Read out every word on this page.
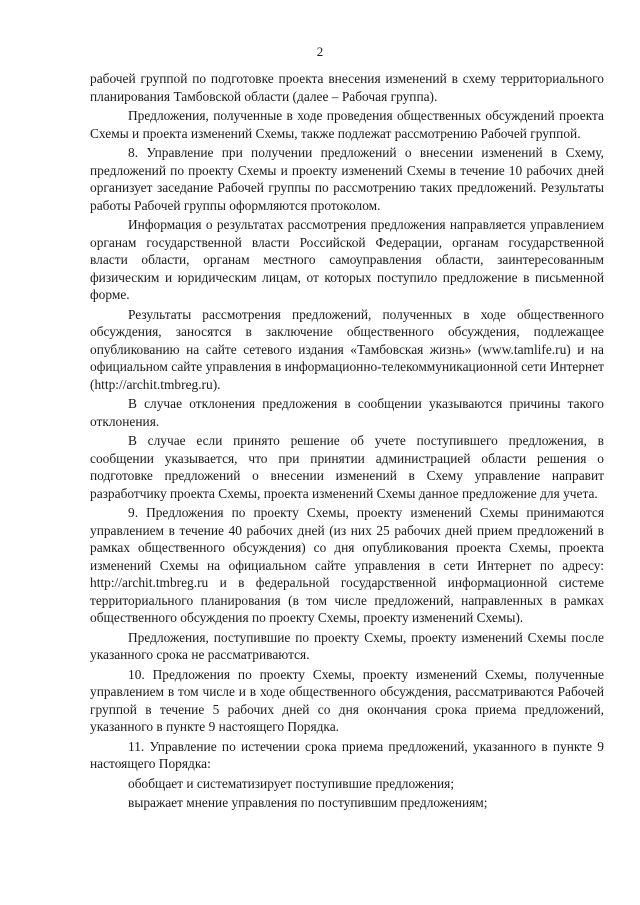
2

рабочей группой по подготовке проекта внесения изменений в схему территориального планирования Тамбовской области (далее – Рабочая группа).

Предложения, полученные в ходе проведения общественных обсуждений проекта Схемы и проекта изменений Схемы, также подлежат рассмотрению Рабочей группой.

8. Управление при получении предложений о внесении изменений в Схему, предложений по проекту Схемы и проекту изменений Схемы в течение 10 рабочих дней организует заседание Рабочей группы по рассмотрению таких предложений. Результаты работы Рабочей группы оформляются протоколом.

Информация о результатах рассмотрения предложения направляется управлением органам государственной власти Российской Федерации, органам государственной власти области, органам местного самоуправления области, заинтересованным физическим и юридическим лицам, от которых поступило предложение в письменной форме.

Результаты рассмотрения предложений, полученных в ходе общественного обсуждения, заносятся в заключение общественного обсуждения, подлежащее опубликованию на сайте сетевого издания «Тамбовская жизнь» (www.tamlife.ru) и на официальном сайте управления в информационно-телекоммуникационной сети Интернет (http://archit.tmbreg.ru).

В случае отклонения предложения в сообщении указываются причины такого отклонения.

В случае если принято решение об учете поступившего предложения, в сообщении указывается, что при принятии администрацией области решения о подготовке предложений о внесении изменений в Схему управление направит разработчику проекта Схемы, проекта изменений Схемы данное предложение для учета.

9. Предложения по проекту Схемы, проекту изменений Схемы принимаются управлением в течение 40 рабочих дней (из них 25 рабочих дней прием предложений в рамках общественного обсуждения) со дня опубликования проекта Схемы, проекта изменений Схемы на официальном сайте управления в сети Интернет по адресу: http://archit.tmbreg.ru и в федеральной государственной информационной системе территориального планирования (в том числе предложений, направленных в рамках общественного обсуждения по проекту Схемы, проекту изменений Схемы).

Предложения, поступившие по проекту Схемы, проекту изменений Схемы после указанного срока не рассматриваются.

10. Предложения по проекту Схемы, проекту изменений Схемы, полученные управлением в том числе и в ходе общественного обсуждения, рассматриваются Рабочей группой в течение 5 рабочих дней со дня окончания срока приема предложений, указанного в пункте 9 настоящего Порядка.

11. Управление по истечении срока приема предложений, указанного в пункте 9 настоящего Порядка:

обобщает и систематизирует поступившие предложения;

выражает мнение управления по поступившим предложениям;
